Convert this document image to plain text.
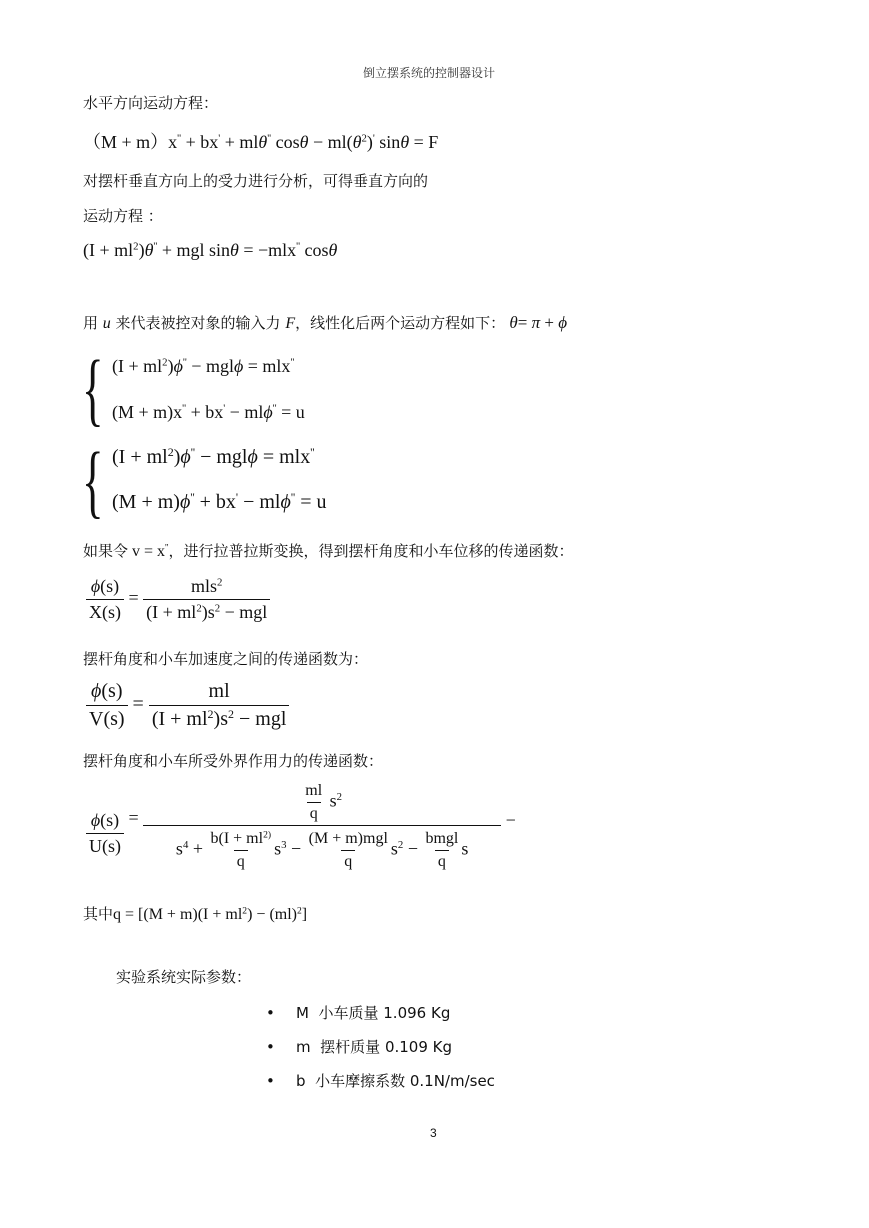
倒立摆系统的控制器设计
水平方向运动方程：
（M + m）x'' + bx' + mlθ'' $\cos\theta - ml(\theta^2)'$ sinθ = F
对摆杆垂直方向上的受力进行分析，可得垂直方向的
运动方程 ：
$(I + ml^2)\theta''$ + mgl sinθ = −mlx'' cosθ
用 u 来代表被控对象的输入力 F，线性化后两个运动方程如下： θ= π + ϕ
{ $(I + ml^2)\phi'' - mgl\phi = mlx''$
(M + m)x'' + bx' − mlϕ'' = u
{ $(I + ml^2)\phi'' - mgl\phi = mlx''$
(M + m)ϕ'' + bx' − mlϕ'' = u
如果令 v = x''，进行拉普拉斯变换，得到摆杆角度和小车位移的传递函数：
$\frac{\phi(s)}{X(s)} = \frac{mls^2}{(I + ml^2)s^2 - mgl}$
摆杆角度和小车加速度之间的传递函数为：
$\frac{\phi(s)}{V(s)} = \frac{ml}{(I + ml^2)s^2 - mgl}$
摆杆角度和小车所受外界作用力的传递函数：
$\frac{\phi(s)}{U(s)}$ =	$\frac{ml}{q} s^2$
$s^4 + \frac{b(I + ml^{2)}}{q} s^3 - \frac{\text{(M + m)mgl}}{q} s^2 - \frac{\text{bmgl}}{q}$ s
−
其中$q = [(M + m)(I + ml^2) - (ml)^2]$
实验系统实际参数：
• M 小车质量 1.096 Kg
• m 摆杆质量 0.109 Kg
• b 小车摩擦系数 0.1N/m/sec
3
